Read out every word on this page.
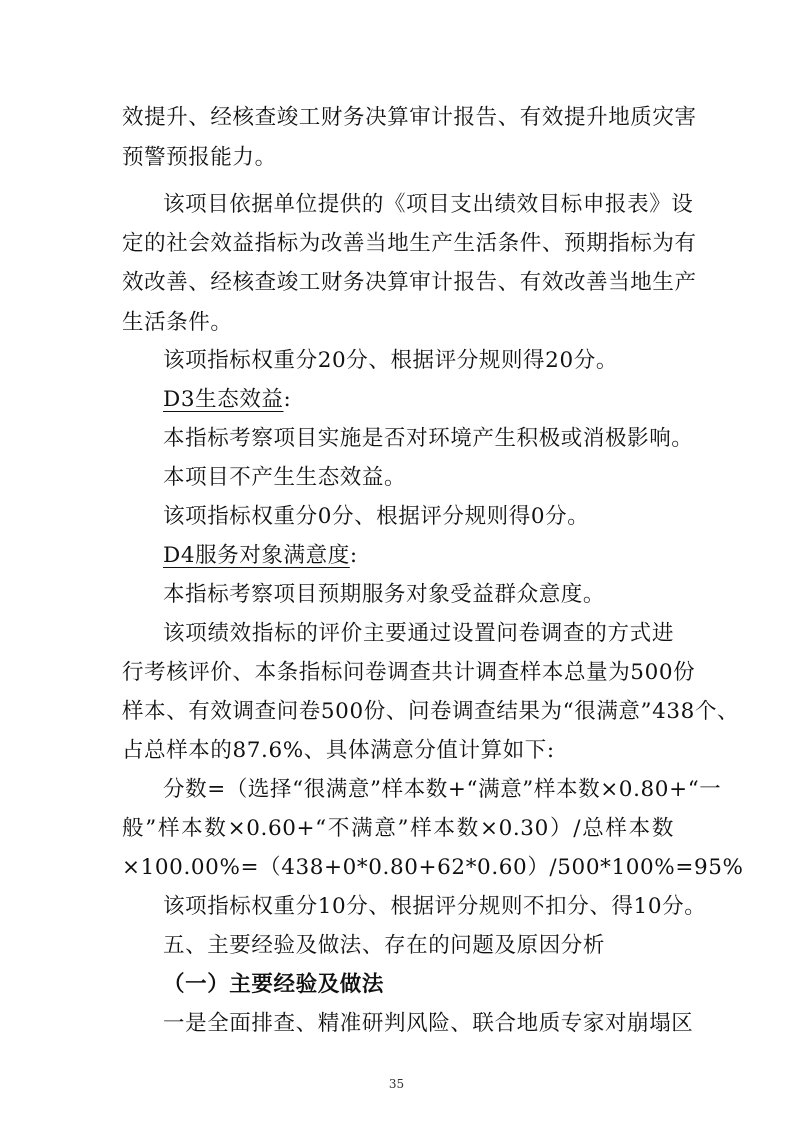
效提升、经核查竣工财务决算审计报告、有效提升地质灾害
预警预报能力。
该项目依据单位提供的《项目支出绩效目标申报表》设
定的社会效益指标为改善当地生产生活条件、预期指标为有
效改善、经核查竣工财务决算审计报告、有效改善当地生产
生活条件。
该项指标权重分20分、根据评分规则得20分。
D3生态效益:
本指标考察项目实施是否对环境产生积极或消极影响。
本项目不产生生态效益。
该项指标权重分0分、根据评分规则得0分。
D4服务对象满意度:
本指标考察项目预期服务对象受益群众意度。
该项绩效指标的评价主要通过设置问卷调查的方式进
行考核评价、本条指标问卷调查共计调查样本总量为500份
样本、有效调查问卷500份、问卷调查结果为“很满意”438个、
占总样本的87.6%、具体满意分值计算如下:
分数=（选择“很满意”样本数+“满意”样本数×0.80+“一
般”样本数×0.60+“不满意”样本数×0.30）/总样本数
×100.00%=（438+0*0.80+62*0.60）/500*100%=95%
该项指标权重分10分、根据评分规则不扣分、得10分。
五、主要经验及做法、存在的问题及原因分析
（一）主要经验及做法
一是全面排查、精准研判风险、联合地质专家对崩塌区
35
